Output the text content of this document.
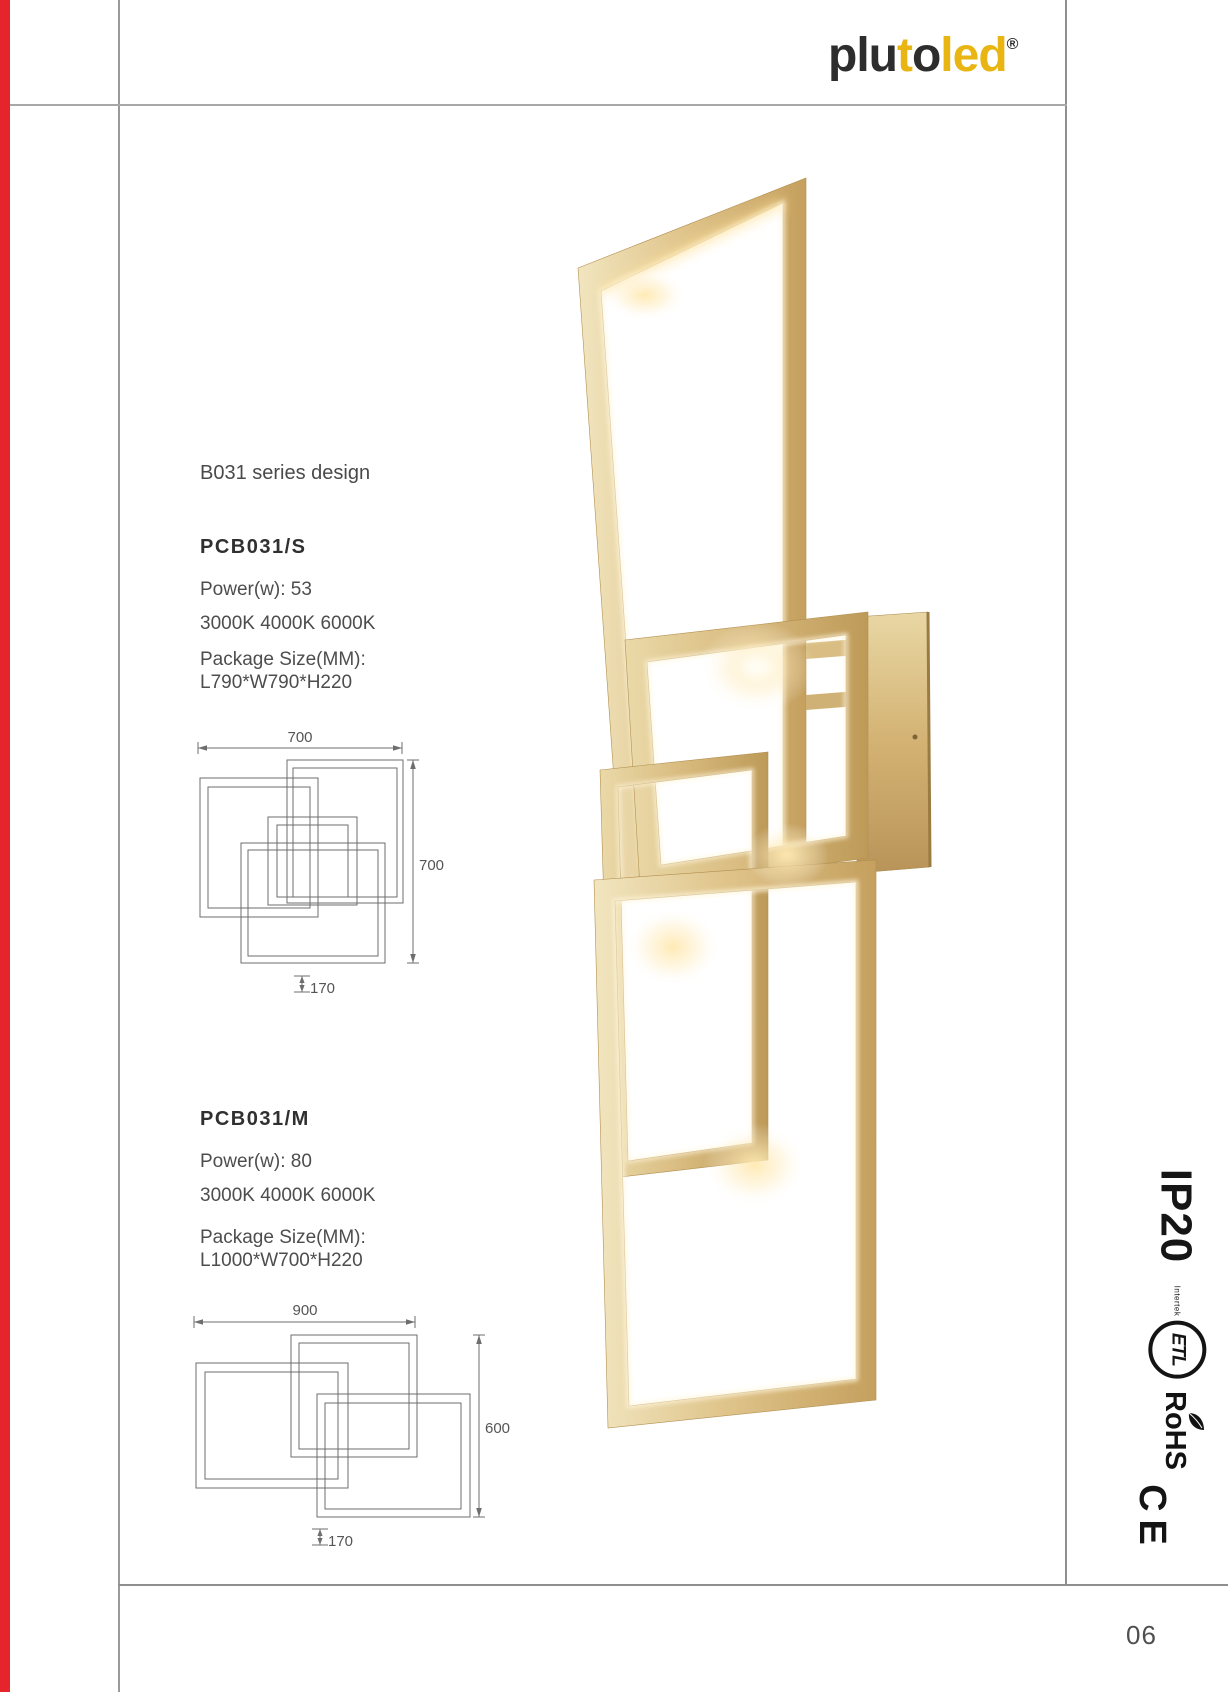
plutoled®
B031 series design
PCB031/S
Power(w): 53
3000K 4000K 6000K
Package Size(MM):
L790*W790*H220
700
700
170
PCB031/M
Power(w): 80
3000K 4000K 6000K
Package Size(MM):
L1000*W700*H220
900
600
170
IP20
Intertek
ETL
RoHS
CE
06
